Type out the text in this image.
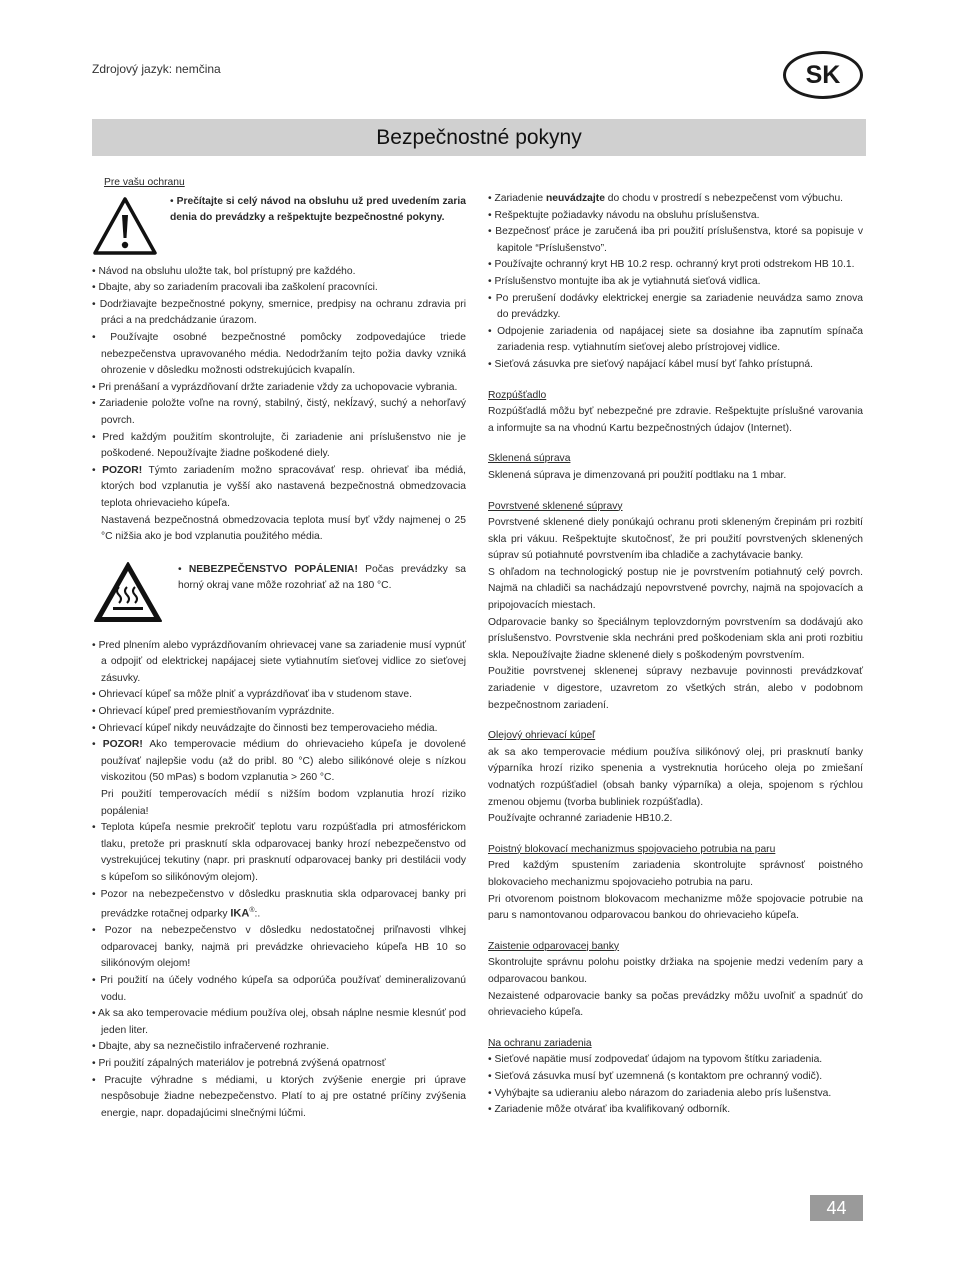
Zdrojový jazyk: nemčina	SK
Bezpečnostné pokyny
Pre vašu ochranu
• Prečítajte si celý návod na obsluhu už pred uvedením zaria denia do prevádzky a rešpektujte bezpečnostné pokyny.
• Návod na obsluhu uložte tak, bol prístupný pre každého.
• Dbajte, aby so zariadením pracovali iba zaškolení pracovníci.
• Dodržiavajte bezpečnostné pokyny, smernice, predpisy na ochranu zdravia pri práci a na predchádzanie úrazom.
• Používajte osobné bezpečnostné pomôcky zodpovedajúce triede nebezpečenstva upravovaného média. Nedodržaním tejto požia davky vzniká ohrozenie v dôsledku možnosti odstrekujúcich kvapalín.
• Pri prenášaní a vyprázdňovaní držte zariadenie vždy za uchopovacie vybrania.
• Zariadenie položte voľne na rovný, stabilný, čistý, nekĺzavý, suchý a nehorľavý povrch.
• Pred každým použitím skontrolujte, či zariadenie ani príslušenstvo nie je poškodené. Nepoužívajte žiadne poškodené diely.
• POZOR! Týmto zariadením možno spracovávať resp. ohrievať iba médiá, ktorých bod vzplanutia je vyšší ako nastavená bezpečnostná obmedzovacia teplota ohrievacieho kúpeľa.
Nastavená bezpečnostná obmedzovacia teplota musí byť vždy najmenej o 25 °C nižšia ako je bod vzplanutia použitého média.
• NEBEZPEČENSTVO POPÁLENIA! Počas prevádzky sa horný okraj vane môže rozohriať až na 180 °C.
• Pred plnením alebo vyprázdňovaním ohrievacej vane sa zariadenie musí vypnúť a odpojiť od elektrickej napájacej siete vytiahnutím sieťovej vidlice zo sieťovej zásuvky.
• Ohrievací kúpeľ sa môže plniť a vyprázdňovať iba v studenom stave.
• Ohrievací kúpeľ pred premiestňovaním vyprázdnite.
• Ohrievací kúpeľ nikdy neuvádzajte do činnosti bez temperovacieho média.
• POZOR! Ako temperovacie médium do ohrievacieho kúpeľa je dovolené používať najlepšie vodu (až do pribl. 80 °C) alebo silikónové oleje s nízkou viskozitou (50 mPas) s bodom vzplanutia > 260 °C.
Pri použití temperovacích médií s nižším bodom vzplanutia hrozí riziko popálenia!
• Teplota kúpeľa nesmie prekročiť teplotu varu rozpúšťadla pri atmosférickom tlaku, pretože pri prasknutí skla odparovacej banky hrozí nebezpečenstvo od vystrekujúcej tekutiny (napr. pri prasknutí odparovacej banky pri destilácii vody s kúpeľom so silikónovým olejom).
• Pozor na nebezpečenstvo v dôsledku prasknutia skla odparovacej banky pri prevádzke rotačnej odparky IKA®:.
• Pozor na nebezpečenstvo v dôsledku nedostatočnej priľnavosti vlhkej odparovacej banky, najmä pri prevádzke ohrievacieho kúpeľa HB 10 so silikónovým olejom!
• Pri použití na účely vodného kúpeľa sa odporúča používať demineralizovanú vodu.
• Ak sa ako temperovacie médium používa olej, obsah náplne nesmie klesnúť pod jeden liter.
• Dbajte, aby sa neznečistilo infračervené rozhranie.
• Pri použití zápalných materiálov je potrebná zvýšená opatrnosť
• Pracujte výhradne s médiami, u ktorých zvýšenie energie pri úprave nespôsobuje žiadne nebezpečenstvo. Platí to aj pre ostatné príčiny zvýšenia energie, napr. dopadajúcimi slnečnými lúčmi.
• Zariadenie neuvádzajte do chodu v prostredí s nebezpečenst vom výbuchu.
• Rešpektujte požiadavky návodu na obsluhu príslušenstva.
• Bezpečnosť práce je zaručená iba pri použití príslušenstva, ktoré sa popisuje v kapitole “Príslušenstvo”.
• Používajte ochranný kryt HB 10.2 resp. ochranný kryt proti odstrekom HB 10.1.
• Príslušenstvo montujte iba ak je vytiahnutá sieťová vidlica.
• Po prerušení dodávky elektrickej energie sa zariadenie neuvádza samo znova do prevádzky.
• Odpojenie zariadenia od napájacej siete sa dosiahne iba zapnutím spínača zariadenia resp. vytiahnutím sieťovej alebo prístrojovej vidlice.
• Sieťová zásuvka pre sieťový napájací kábel musí byť ľahko prístupná.
Rozpúšťadlo
Rozpúšťadlá môžu byť nebezpečné pre zdravie. Rešpektujte príslušné varovania a informujte sa na vhodnú Kartu bezpečnostných údajov (Internet).
Sklenená súprava
Sklenená súprava je dimenzovaná pri použití podtlaku na 1 mbar.
Povrstvené sklenené súpravy
Povrstvené sklenené diely ponúkajú ochranu proti skleneným črepinám pri rozbití skla pri vákuu. Rešpektujte skutočnosť, že pri použití povrstvených sklenených súprav sú potiahnuté povrstvením iba chladiče a zachytávacie banky.
S ohľadom na technologický postup nie je povrstvením potiahnutý celý povrch. Najmä na chladiči sa nachádzajú nepovrstvené povrchy, najmä na spojovacích a pripojovacích miestach.
Odparovacie banky so špeciálnym teplovzdorným povrstvením sa dodávajú ako príslušenstvo. Povrstvenie skla nechráni pred poškodeniam skla ani proti rozbitiu skla. Nepoužívajte žiadne sklenené diely s poškodeným povrstvením.
Použitie povrstvenej sklenenej súpravy nezbavuje povinnosti prevádzkovať zariadenie v digestore, uzavretom zo všetkých strán, alebo v podobnom bezpečnostnom zariadení.
Olejový ohrievací kúpeľ
ak sa ako temperovacie médium používa silikónový olej, pri prasknutí banky výparníka hrozí riziko spenenia a vystreknutia horúceho oleja po zmiešaní vodnatých rozpúšťadiel (obsah banky výparníka) a oleja, spojenom s rýchlou zmenou objemu (tvorba bubliniek rozpúšťadla).
Používajte ochranné zariadenie HB10.2.
Poistný blokovací mechanizmus spojovacieho potrubia na paru
Pred každým spustením zariadenia skontrolujte správnosť poistného blokovacieho mechanizmu spojovacieho potrubia na paru.
Pri otvorenom poistnom blokovacom mechanizme môže spojovacie potrubie na paru s namontovanou odparovacou bankou do ohrievacieho kúpeľa.
Zaistenie odparovacej banky
Skontrolujte správnu polohu poistky držiaka na spojenie medzi vedením pary a odparovacou bankou.
Nezaistené odparovacie banky sa počas prevádzky môžu uvoľniť a spadnúť do ohrievacieho kúpeľa.
Na ochranu zariadenia
• Sieťové napätie musí zodpovedať údajom na typovom štítku zariadenia.
• Sieťová zásuvka musí byť uzemnená (s kontaktom pre ochranný vodič).
• Vyhýbajte sa udieraniu alebo nárazom do zariadenia alebo prís lušenstva.
• Zariadenie môže otvárať iba kvalifikovaný odborník.
44
